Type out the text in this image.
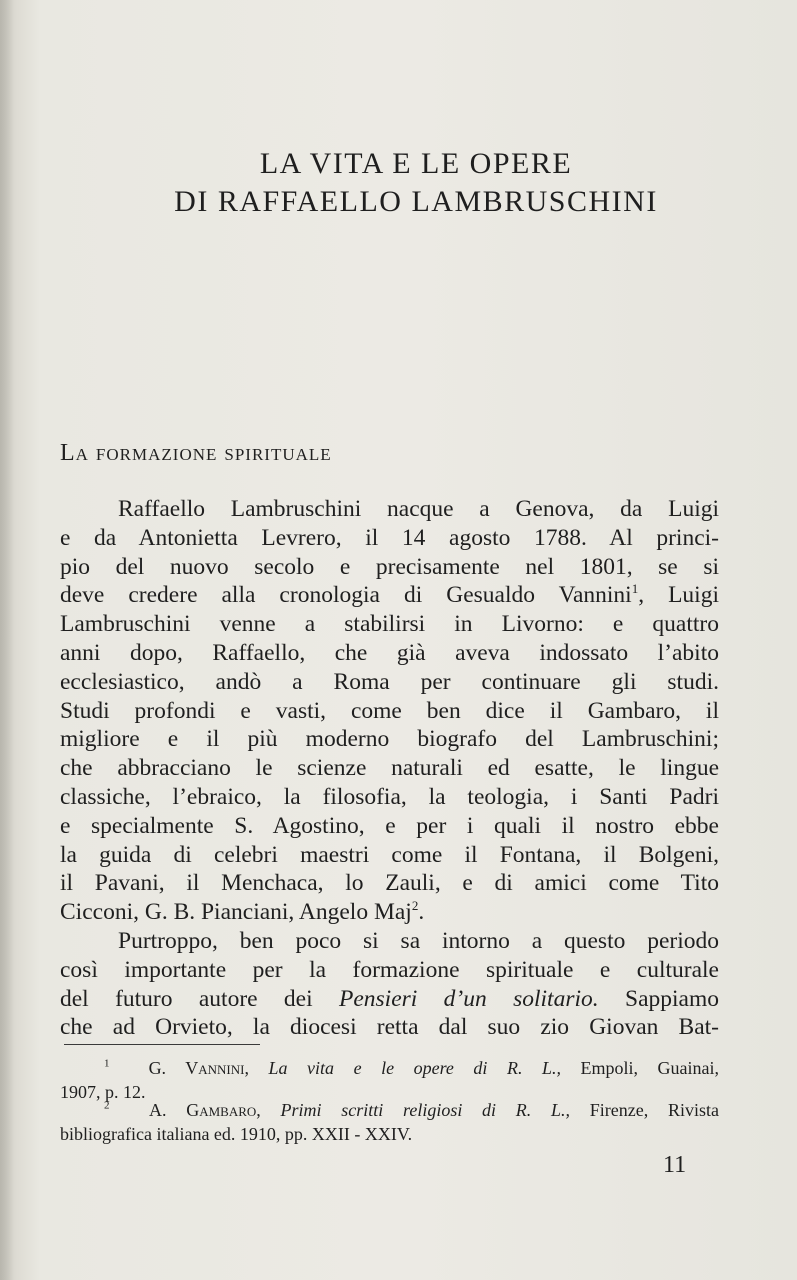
LA VITA E LE OPERE
DI RAFFAELLO LAMBRUSCHINI
La formazione spirituale
Raffaello Lambruschini nacque a Genova, da Luigi
e da Antonietta Levrero, il 14 agosto 1788. Al princi-
pio del nuovo secolo e precisamente nel 1801, se si
deve credere alla cronologia di Gesualdo Vannini$^1$, Luigi
Lambruschini venne a stabilirsi in Livorno: e quattro
anni dopo, Raffaello, che già aveva indossato l’abito
ecclesiastico, andò a Roma per continuare gli studi.
Studi profondi e vasti, come ben dice il Gambaro, il
migliore e il più moderno biografo del Lambruschini;
che abbracciano le scienze naturali ed esatte, le lingue
classiche, l’ebraico, la filosofia, la teologia, i Santi Padri
e specialmente S. Agostino, e per i quali il nostro ebbe
la guida di celebri maestri come il Fontana, il Bolgeni,
il Pavani, il Menchaca, lo Zauli, e di amici come Tito
Cicconi, G. B. Pianciani, Angelo Maj$^2$.
Purtroppo, ben poco si sa intorno a questo periodo
così importante per la formazione spirituale e culturale
del futuro autore dei Pensieri d’un solitario. Sappiamo
$^1$ G. Vannini, La vita e le opere di R. L., Empoli, Guainai,
1907, p. 12.
$^2$ A. Gambaro, Primi scritti religiosi di R. L., Firenze, Rivista
bibliografica italiana ed. 1910, pp. XXII - XXIV.
11
che ad Orvieto, la diocesi retta dal suo zio Giovan Bat-
